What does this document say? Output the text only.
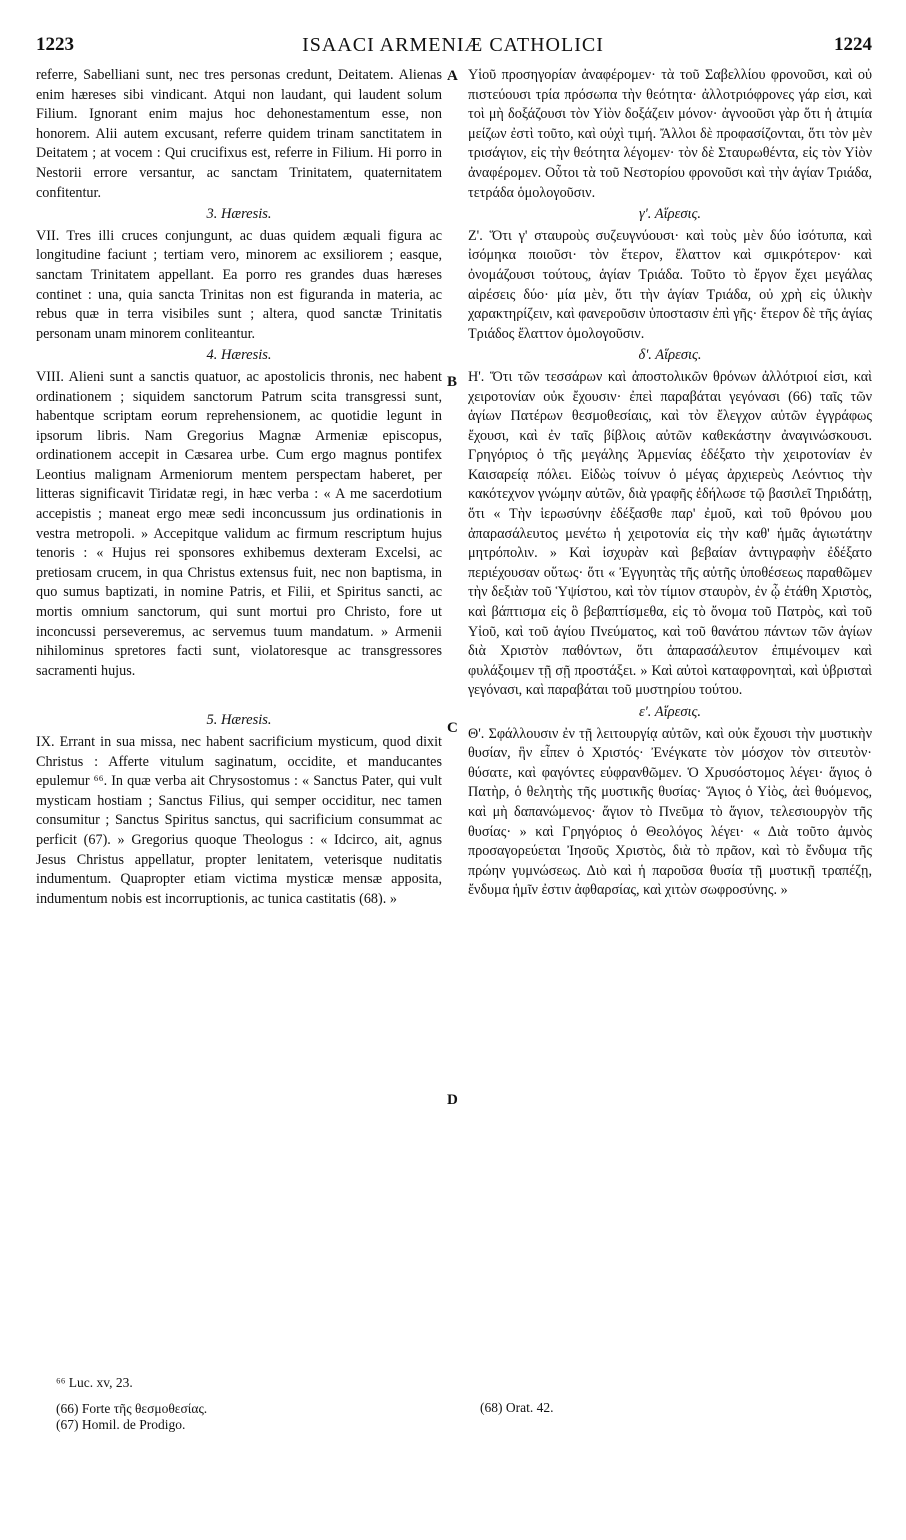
1223	ISAACI ARMENIÆ CATHOLICI	1224
A
B
C
D

referre, Sabelliani sunt, nec tres personas credunt, Deitatem. Alienas enim hæreses sibi vindicant. Atqui non laudant, qui laudent solum Filium. Ignorant enim majus hoc dehonestamentum esse, non honorem. Alii autem excusant, referre quidem trinam sanctitatem in Deitatem ; at vocem : Qui crucifixus est, referre in Filium. Hi porro in Nestorii errore versantur, ac sanctam Trinitatem, quaternitatem confitentur.

3. Hæresis.

VII. Tres illi cruces conjungunt, ac duas quidem æquali figura ac longitudine faciunt ; tertiam vero, minorem ac exsiliorem ; easque, sanctam Trinitatem appellant. Ea porro res grandes duas hæreses continet : una, quia sancta Trinitas non est figuranda in materia, ac rebus quæ in terra visibiles sunt ; altera, quod sanctæ Trinitatis personam unam minorem conliteantur.

4. Hæresis.

VIII. Alieni sunt a sanctis quatuor, ac apostolicis thronis, nec habent ordinationem ; siquidem sanctorum Patrum scita transgressi sunt, habentque scriptam eorum reprehensionem, ac quotidie legunt in ipsorum libris. Nam Gregorius Magnæ Armeniæ episcopus, ordinationem accepit in Cæsarea urbe. Cum ergo magnus pontifex Leontius malignam Armeniorum mentem perspectam haberet, per litteras significavit Tiridatæ regi, in hæc verba : « A me sacerdotium accepistis ; maneat ergo meæ sedi inconcussum jus ordinationis in vestra metropoli. » Accepitque validum ac firmum rescriptum hujus tenoris : « Hujus rei sponsores exhibemus dexteram Excelsi, ac pretiosam crucem, in qua Christus extensus fuit, nec non baptisma, in quo sumus baptizati, in nomine Patris, et Filii, et Spiritus sancti, ac mortis omnium sanctorum, qui sunt mortui pro Christo, fore ut inconcussi perseveremus, ac servemus tuum mandatum. » Armenii nihilominus spretores facti sunt, violatoresque ac transgressores sacramenti hujus.

5. Hæresis.

IX. Errant in sua missa, nec habent sacrificium mysticum, quod dixit Christus : Afferte vitulum saginatum, occidite, et manducantes epulemur ⁶⁶. In quæ verba ait Chrysostomus : « Sanctus Pater, qui vult mysticam hostiam ; Sanctus Filius, qui semper occiditur, nec tamen consumitur ; Sanctus Spiritus sanctus, qui sacrificium consummat ac perficit (67). » Gregorius quoque Theologus : « Idcirco, ait, agnus Jesus Christus appellatur, propter lenitatem, veterisque nuditatis indumentum. Quapropter etiam victima mysticæ mensæ apposita, indumentum nobis est incorruptionis, ac tunica castitatis (68). »

⁶⁶ Luc. xv, 23.

(66) Forte τῆς θεσμοθεσίας.

(67) Homil. de Prodigo.

Υἱοῦ προσηγορίαν ἀναφέρομεν· τὰ τοῦ Σαβελλίου φρονοῦσι, καὶ οὐ πιστεύουσι τρία πρόσωπα τὴν θεότητα· ἀλλοτριόφρονες γάρ εἰσι, καὶ τοὶ μὴ δοξάζουσι τὸν Υἱὸν δοξάζειν μόνον· ἀγνοοῦσι γὰρ ὅτι ἡ ἀτιμία μείζων ἐστὶ τοῦτο, καὶ οὐχὶ τιμή. Ἄλλοι δὲ προφασίζονται, ὅτι τὸν μὲν τρισάγιον, εἰς τὴν θεότητα λέγομεν· τὸν δὲ Σταυρωθέντα, εἰς τὸν Υἱὸν ἀναφέρομεν. Οὗτοι τὰ τοῦ Νεστορίου φρονοῦσι καὶ τὴν ἁγίαν Τριάδα, τετράδα ὁμολογοῦσιν.

γ'. Αἵρεσις.

Ζ'. Ὅτι γ' σταυροὺς συζευγνύουσι· καὶ τοὺς μὲν δύο ἰσότυπα, καὶ ἰσόμηκα ποιοῦσι· τὸν ἕτερον, ἔλαττον καὶ σμικρότερον· καὶ ὀνομάζουσι τούτους, ἁγίαν Τριάδα. Τοῦτο τὸ ἔργον ἔχει μεγάλας αἱρέσεις δύο· μία μὲν, ὅτι τὴν ἁγίαν Τριάδα, οὐ χρὴ εἰς ὑλικὴν χαρακτηρίζειν, καὶ φανεροῦσιν ὑποστασιν ἐπὶ γῆς· ἕτερον δὲ τῆς ἁγίας Τριάδος ἔλαττον ὁμολογοῦσιν.

δ'. Αἵρεσις.

Η'. Ὅτι τῶν τεσσάρων καὶ ἀποστολικῶν θρόνων ἀλλότριοί εἰσι, καὶ χειροτονίαν οὐκ ἔχουσιν· ἐπεὶ παραβάται γεγόνασι (66) ταῖς τῶν ἁγίων Πατέρων θεσμοθεσίαις, καὶ τὸν ἔλεγχον αὐτῶν ἐγγράφως ἔχουσι, καὶ ἐν ταῖς βίβλοις αὐτῶν καθεκάστην ἀναγινώσκουσι. Γρηγόριος ὁ τῆς μεγάλης Ἀρμενίας ἐδέξατο τὴν χειροτονίαν ἐν Καισαρείᾳ πόλει. Εἰδὼς τοίνυν ὁ μέγας ἀρχιερεὺς Λεόντιος τὴν κακότεχνον γνώμην αὐτῶν, διὰ γραφῆς ἐδήλωσε τῷ βασιλεῖ Τηριδάτῃ, ὅτι « Τὴν ἱερωσύνην ἐδέξασθε παρ' ἐμοῦ, καὶ τοῦ θρόνου μου ἀπαρασάλευτος μενέτω ἡ χειροτονία εἰς τὴν καθ' ἡμᾶς ἁγιωτάτην μητρόπολιν. » Καὶ ἰσχυρὰν καὶ βεβαίαν ἀντιγραφὴν ἐδέξατο περιέχουσαν οὕτως· ὅτι « Ἐγγυητὰς τῆς αὐτῆς ὑποθέσεως παραθῶμεν τὴν δεξιὰν τοῦ Ὑψίστου, καὶ τὸν τίμιον σταυρὸν, ἐν ᾧ ἐτάθη Χριστὸς, καὶ βάπτισμα εἰς ὃ βεβαπτίσμεθα, εἰς τὸ ὄνομα τοῦ Πατρὸς, καὶ τοῦ Υἱοῦ, καὶ τοῦ ἁγίου Πνεύματος, καὶ τοῦ θανάτου πάντων τῶν ἁγίων διὰ Χριστὸν παθόντων, ὅτι ἀπαρασάλευτον ἐπιμένοιμεν καὶ φυλάξοιμεν τῇ σῇ προστάξει. » Καὶ αὐτοὶ καταφρονηταὶ, καὶ ὑβρισταὶ γεγόνασι, καὶ παραβάται τοῦ μυστηρίου τούτου.

ε'. Αἵρεσις.

Θ'. Σφάλλουσιν ἐν τῇ λειτουργίᾳ αὐτῶν, καὶ οὐκ ἔχουσι τὴν μυστικὴν θυσίαν, ἣν εἶπεν ὁ Χριστός· Ἐνέγκατε τὸν μόσχον τὸν σιτευτὸν· θύσατε, καὶ φαγόντες εὐφρανθῶμεν. Ὁ Χρυσόστομος λέγει· ἅγιος ὁ Πατὴρ, ὁ θελητὴς τῆς μυστικῆς θυσίας· Ἅγιος ὁ Υἱὸς, ἀεὶ θυόμενος, καὶ μὴ δαπανώμενος· ἅγιον τὸ Πνεῦμα τὸ ἅγιον, τελεσιουργὸν τῆς θυσίας· » καὶ Γρηγόριος ὁ Θεολόγος λέγει· « Διὰ τοῦτο ἀμνὸς προσαγορεύεται Ἰησοῦς Χριστὸς, διὰ τὸ πρᾶον, καὶ τὸ ἔνδυμα τῆς πρώην γυμνώσεως. Διὸ καὶ ἡ παροῦσα θυσία τῇ μυστικῇ τραπέζῃ, ἔνδυμα ἡμῖν ἐστιν ἀφθαρσίας, καὶ χιτὼν σωφροσύνης. »

(68) Orat. 42.
